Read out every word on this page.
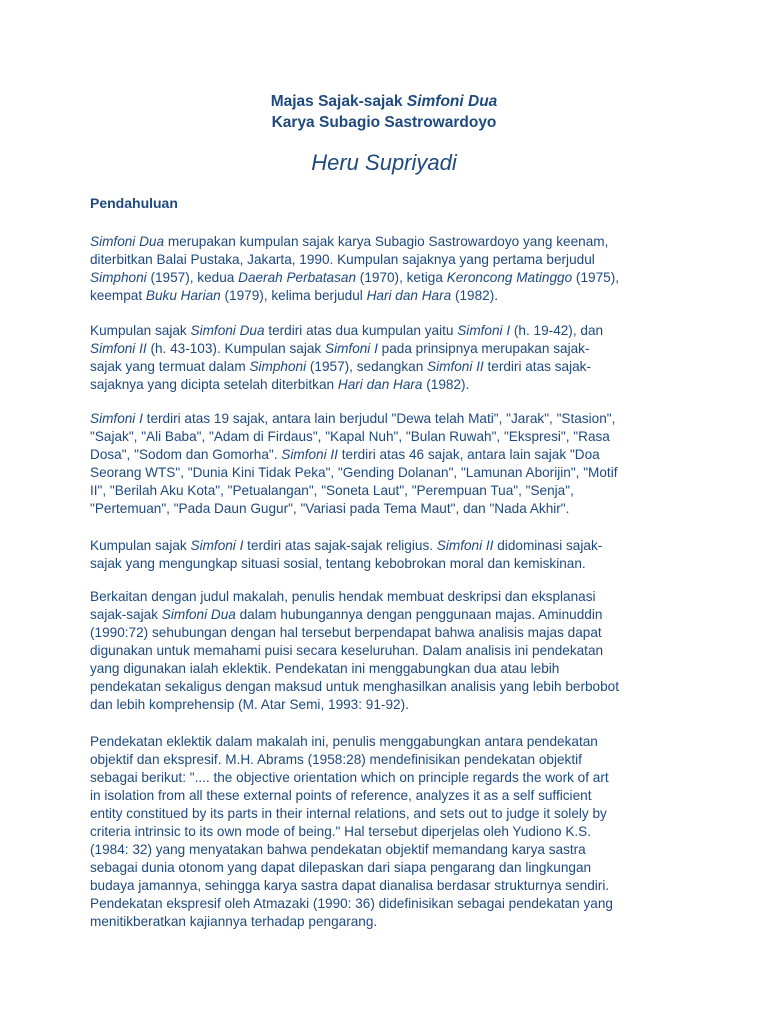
Majas Sajak-sajak Simfoni Dua
Karya Subagio Sastrowardoyo
Heru Supriyadi
Pendahuluan
Simfoni Dua merupakan kumpulan sajak karya Subagio Sastrowardoyo yang keenam,
diterbitkan Balai Pustaka, Jakarta, 1990. Kumpulan sajaknya yang pertama berjudul
Simphoni (1957), kedua Daerah Perbatasan (1970), ketiga Keroncong Matinggo (1975),
keempat Buku Harian (1979), kelima berjudul Hari dan Hara (1982).
Kumpulan sajak Simfoni Dua terdiri atas dua kumpulan yaitu Simfoni I (h. 19-42), dan
Simfoni II (h. 43-103). Kumpulan sajak Simfoni I pada prinsipnya merupakan sajak-
sajak yang termuat dalam Simphoni (1957), sedangkan Simfoni II terdiri atas sajak-
sajaknya yang dicipta setelah diterbitkan Hari dan Hara (1982).
Simfoni I terdiri atas 19 sajak, antara lain berjudul "Dewa telah Mati", "Jarak", "Stasion",
"Sajak", "Ali Baba", "Adam di Firdaus", "Kapal Nuh", "Bulan Ruwah", "Ekspresi", "Rasa
Dosa", "Sodom dan Gomorha". Simfoni II terdiri atas 46 sajak, antara lain sajak "Doa
Seorang WTS", "Dunia Kini Tidak Peka", "Gending Dolanan", "Lamunan Aborijin", "Motif
II", "Berilah Aku Kota", "Petualangan", "Soneta Laut", "Perempuan Tua", "Senja",
"Pertemuan", "Pada Daun Gugur", "Variasi pada Tema Maut", dan "Nada Akhir".
Kumpulan sajak Simfoni I terdiri atas sajak-sajak religius. Simfoni II didominasi sajak-
sajak yang mengungkap situasi sosial, tentang kebobrokan moral dan kemiskinan.
Berkaitan dengan judul makalah, penulis hendak membuat deskripsi dan eksplanasi
sajak-sajak Simfoni Dua dalam hubungannya dengan penggunaan majas. Aminuddin
(1990:72) sehubungan dengan hal tersebut berpendapat bahwa analisis majas dapat
digunakan untuk memahami puisi secara keseluruhan. Dalam analisis ini pendekatan
yang digunakan ialah eklektik. Pendekatan ini menggabungkan dua atau lebih
pendekatan sekaligus dengan maksud untuk menghasilkan analisis yang lebih berbobot
dan lebih komprehensip (M. Atar Semi, 1993: 91-92).
Pendekatan eklektik dalam makalah ini, penulis menggabungkan antara pendekatan
objektif dan ekspresif. M.H. Abrams (1958:28) mendefinisikan pendekatan objektif
sebagai berikut: ".... the objective orientation which on principle regards the work of art
in isolation from all these external points of reference, analyzes it as a self sufficient
entity constitued by its parts in their internal relations, and sets out to judge it solely by
criteria intrinsic to its own mode of being." Hal tersebut diperjelas oleh Yudiono K.S.
(1984: 32) yang menyatakan bahwa pendekatan objektif memandang karya sastra
sebagai dunia otonom yang dapat dilepaskan dari siapa pengarang dan lingkungan
budaya jamannya, sehingga karya sastra dapat dianalisa berdasar strukturnya sendiri.
Pendekatan ekspresif oleh Atmazaki (1990: 36) didefinisikan sebagai pendekatan yang
menitikberatkan kajiannya terhadap pengarang.
